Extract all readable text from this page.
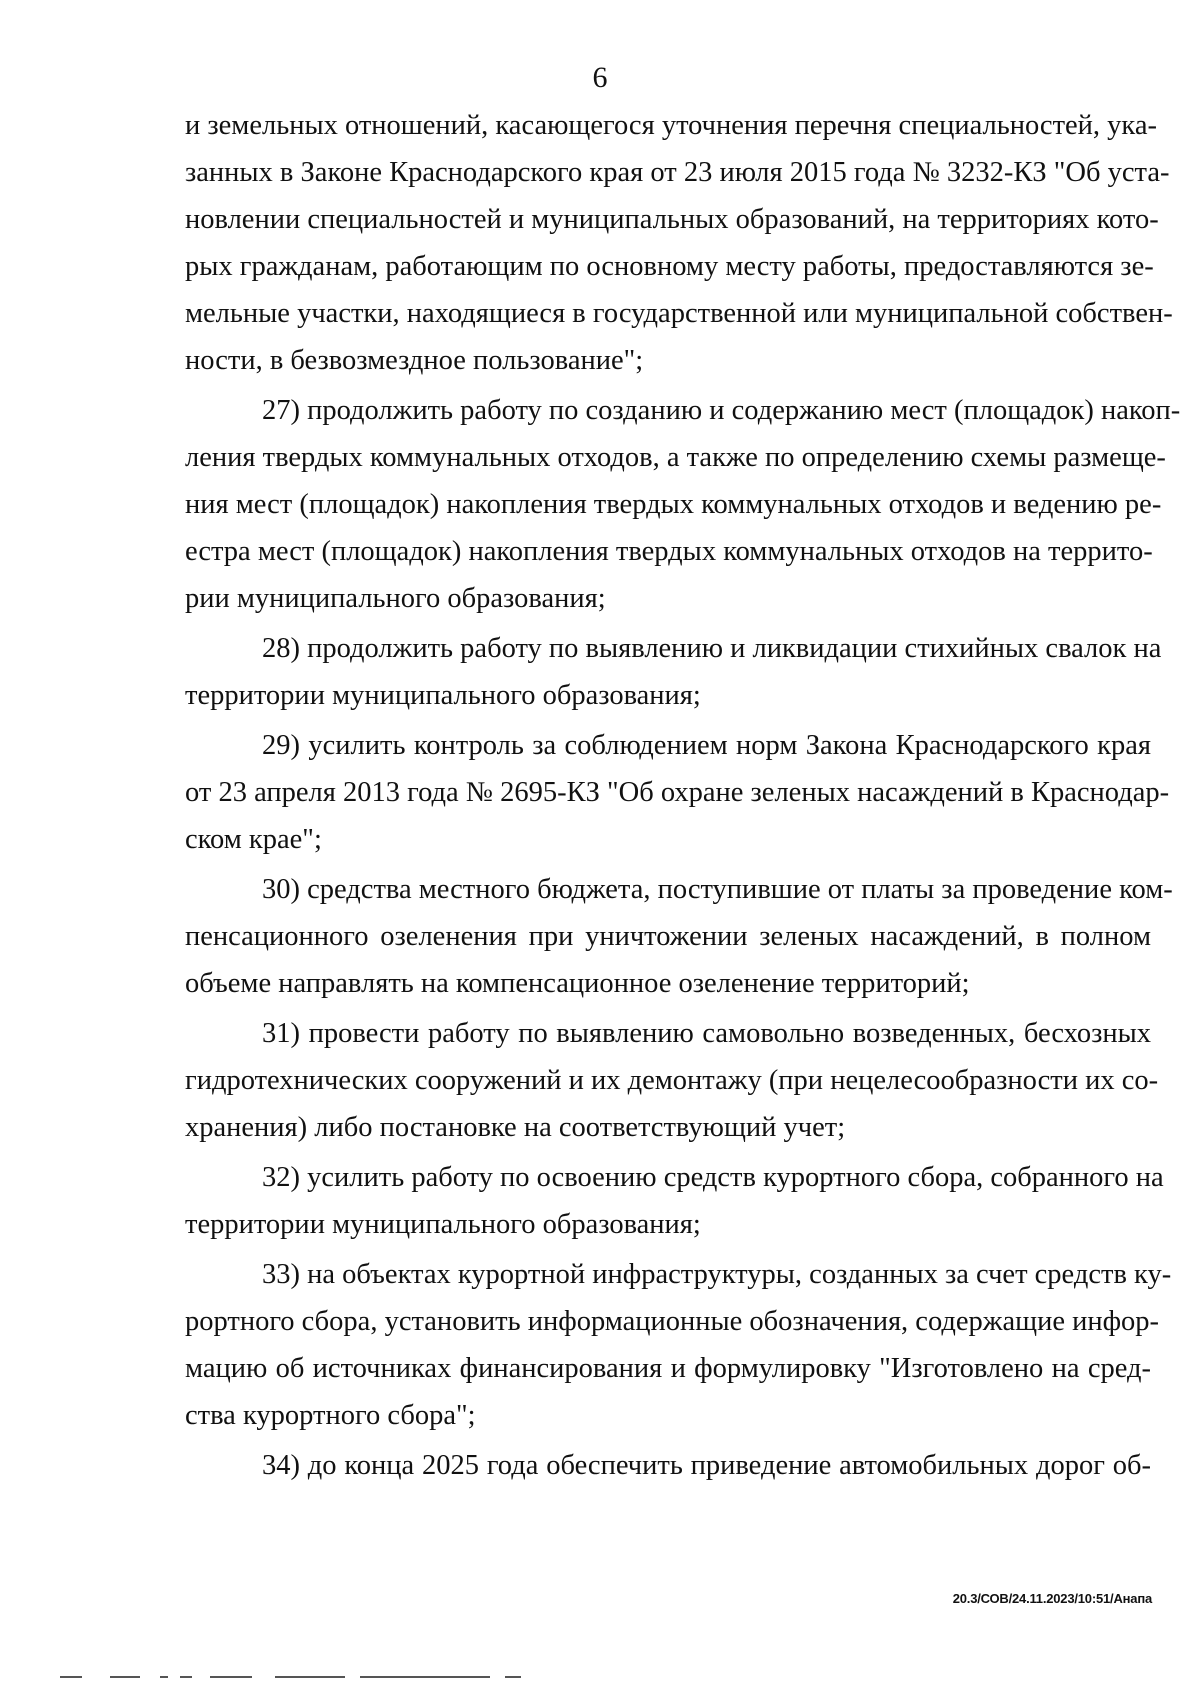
6
и земельных отношений, касающегося уточнения перечня специальностей, ука-
занных в Законе Краснодарского края от 23 июля 2015 года № 3232-КЗ "Об уста-
новлении специальностей и муниципальных образований, на территориях кото-
рых гражданам, работающим по основному месту работы, предоставляются зе-
мельные участки, находящиеся в государственной или муниципальной собствен-
ности, в безвозмездное пользование";
27) продолжить работу по созданию и содержанию мест (площадок) накоп-
ления твердых коммунальных отходов, а также по определению схемы размеще-
ния мест (площадок) накопления твердых коммунальных отходов и ведению ре-
естра мест (площадок) накопления твердых коммунальных отходов на террито-
рии муниципального образования;
28) продолжить работу по выявлению и ликвидации стихийных свалок на
территории муниципального образования;
29) усилить контроль за соблюдением норм Закона Краснодарского края
от 23 апреля 2013 года № 2695-КЗ "Об охране зеленых насаждений в Краснодар-
ском крае";
30) средства местного бюджета, поступившие от платы за проведение ком-
пенсационного озеленения при уничтожении зеленых насаждений, в полном
объеме направлять на компенсационное озеленение территорий;
31) провести работу по выявлению самовольно возведенных, бесхозных
гидротехнических сооружений и их демонтажу (при нецелесообразности их со-
хранения) либо постановке на соответствующий учет;
32) усилить работу по освоению средств курортного сбора, собранного на
территории муниципального образования;
33) на объектах курортной инфраструктуры, созданных за счет средств ку-
рортного сбора, установить информационные обозначения, содержащие инфор-
мацию об источниках финансирования и формулировку "Изготовлено на сред-
ства курортного сбора";
34) до конца 2025 года обеспечить приведение автомобильных дорог об-
20.3/СОВ/24.11.2023/10:51/Анапа
